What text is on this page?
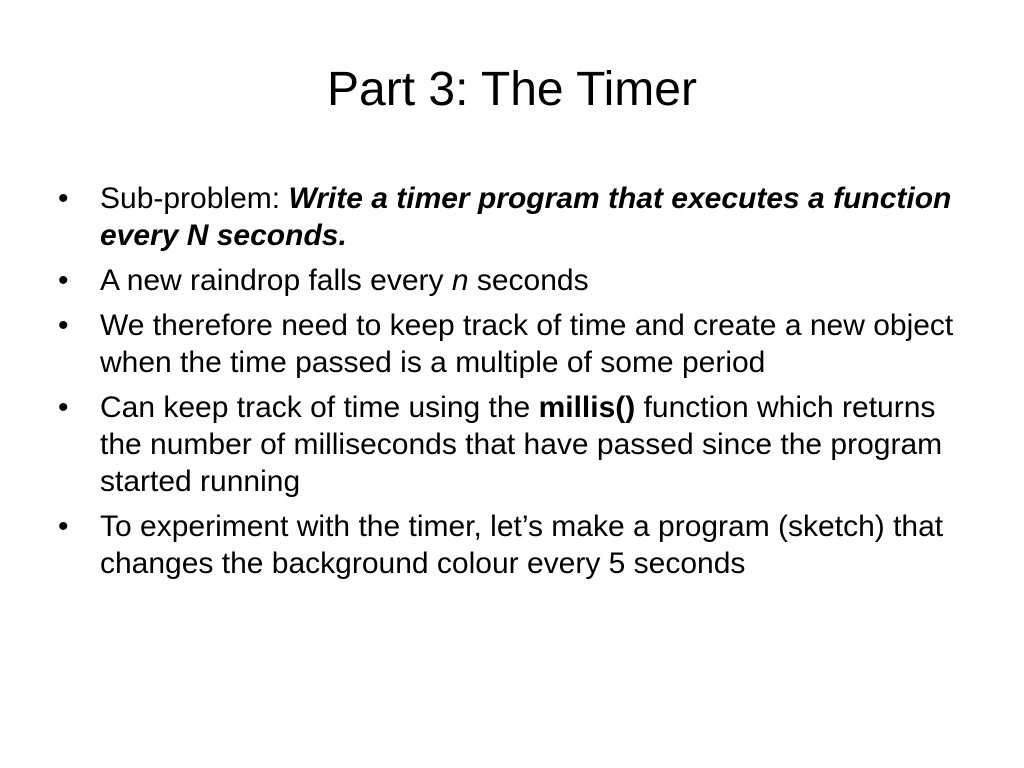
Part 3: The Timer
•	Sub-problem: Write a timer program that executes a function every N seconds.
•	A new raindrop falls every n seconds
•	We therefore need to keep track of time and create a new object when the time passed is a multiple of some period
•	Can keep track of time using the millis() function which returns the number of milliseconds that have passed since the program started running
•	To experiment with the timer, let’s make a program (sketch) that changes the background colour every 5 seconds
